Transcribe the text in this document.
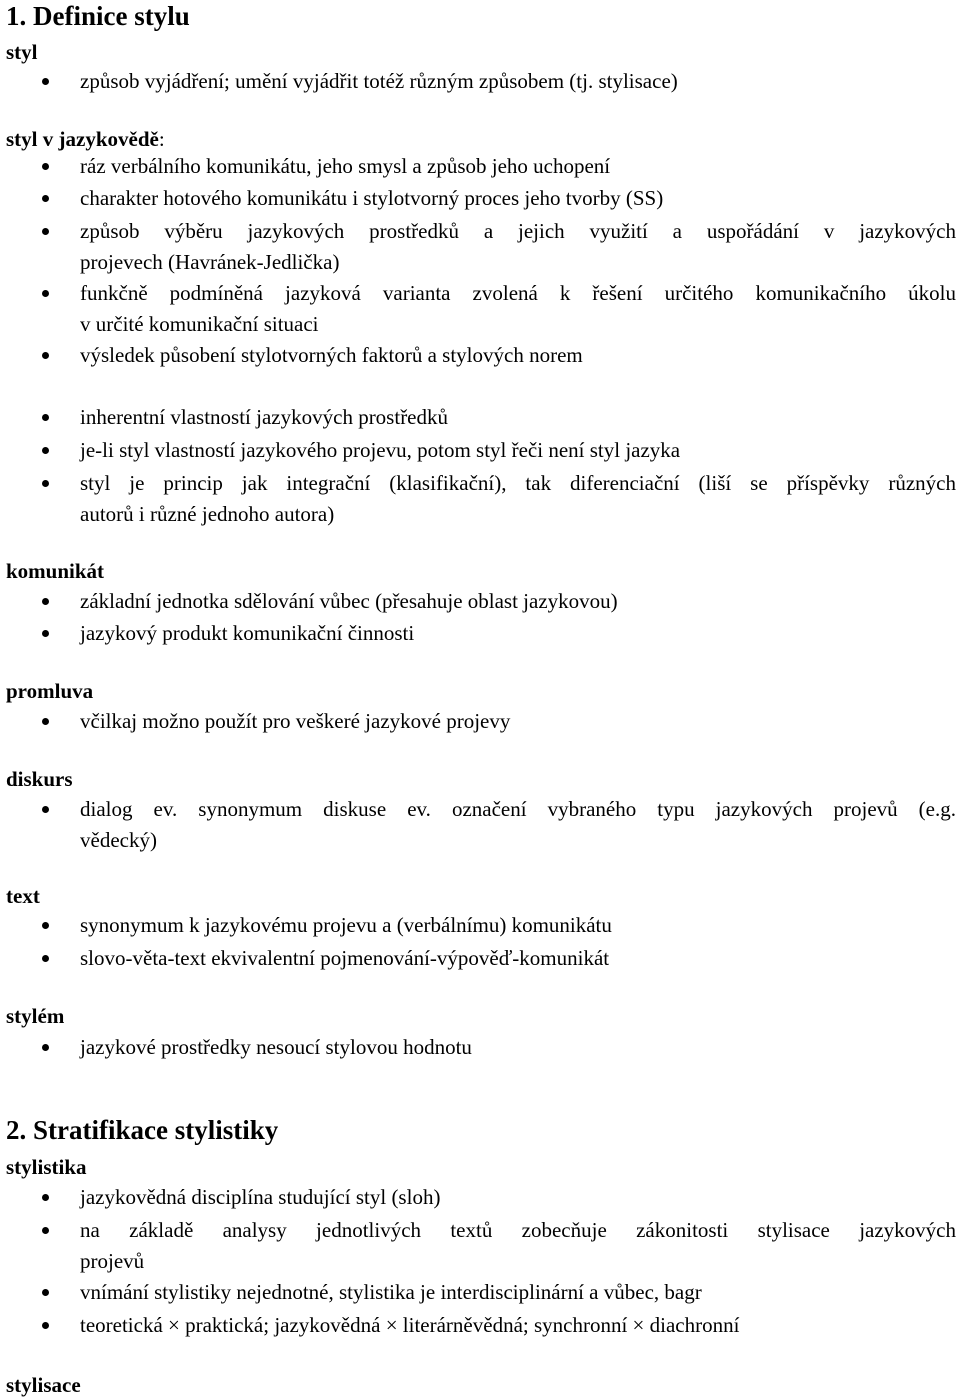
1. Definice stylu
styl
způsob vyjádření; umění vyjádřit totéž různým způsobem (tj. stylisace)
styl v jazykovědě:
ráz verbálního komunikátu, jeho smysl a způsob jeho uchopení
charakter hotového komunikátu i stylotvorný proces jeho tvorby (SS)
způsob výběru jazykových prostředků a jejich využití a uspořádání v jazykových
projevech (Havránek-Jedlička)
funkčně podmíněná jazyková varianta zvolená k řešení určitého komunikačního úkolu
v určité komunikační situaci
výsledek působení stylotvorných faktorů a stylových norem
inherentní vlastností jazykových prostředků
je-li styl vlastností jazykového projevu, potom styl řeči není styl jazyka
styl je princip jak integrační (klasifikační), tak diferenciační (liší se příspěvky různých
autorů i různé jednoho autora)
komunikát
základní jednotka sdělování vůbec (přesahuje oblast jazykovou)
jazykový produkt komunikační činnosti
promluva
včilkaj možno použít pro veškeré jazykové projevy
diskurs
dialog ev. synonymum diskuse ev. označení vybraného typu jazykových projevů (e.g.
vědecký)
text
synonymum k jazykovému projevu a (verbálnímu) komunikátu
slovo-věta-text ekvivalentní pojmenování-výpověď-komunikát
stylém
jazykové prostředky nesoucí stylovou hodnotu
2. Stratifikace stylistiky
stylistika
jazykovědná disciplína studující styl (sloh)
na základě analysy jednotlivých textů zobecňuje zákonitosti stylisace jazykových
projevů
vnímání stylistiky nejednotné, stylistika je interdisciplinární a vůbec, bagr
teoretická × praktická; jazykovědná × literárněvědná; synchronní × diachronní
stylisace
